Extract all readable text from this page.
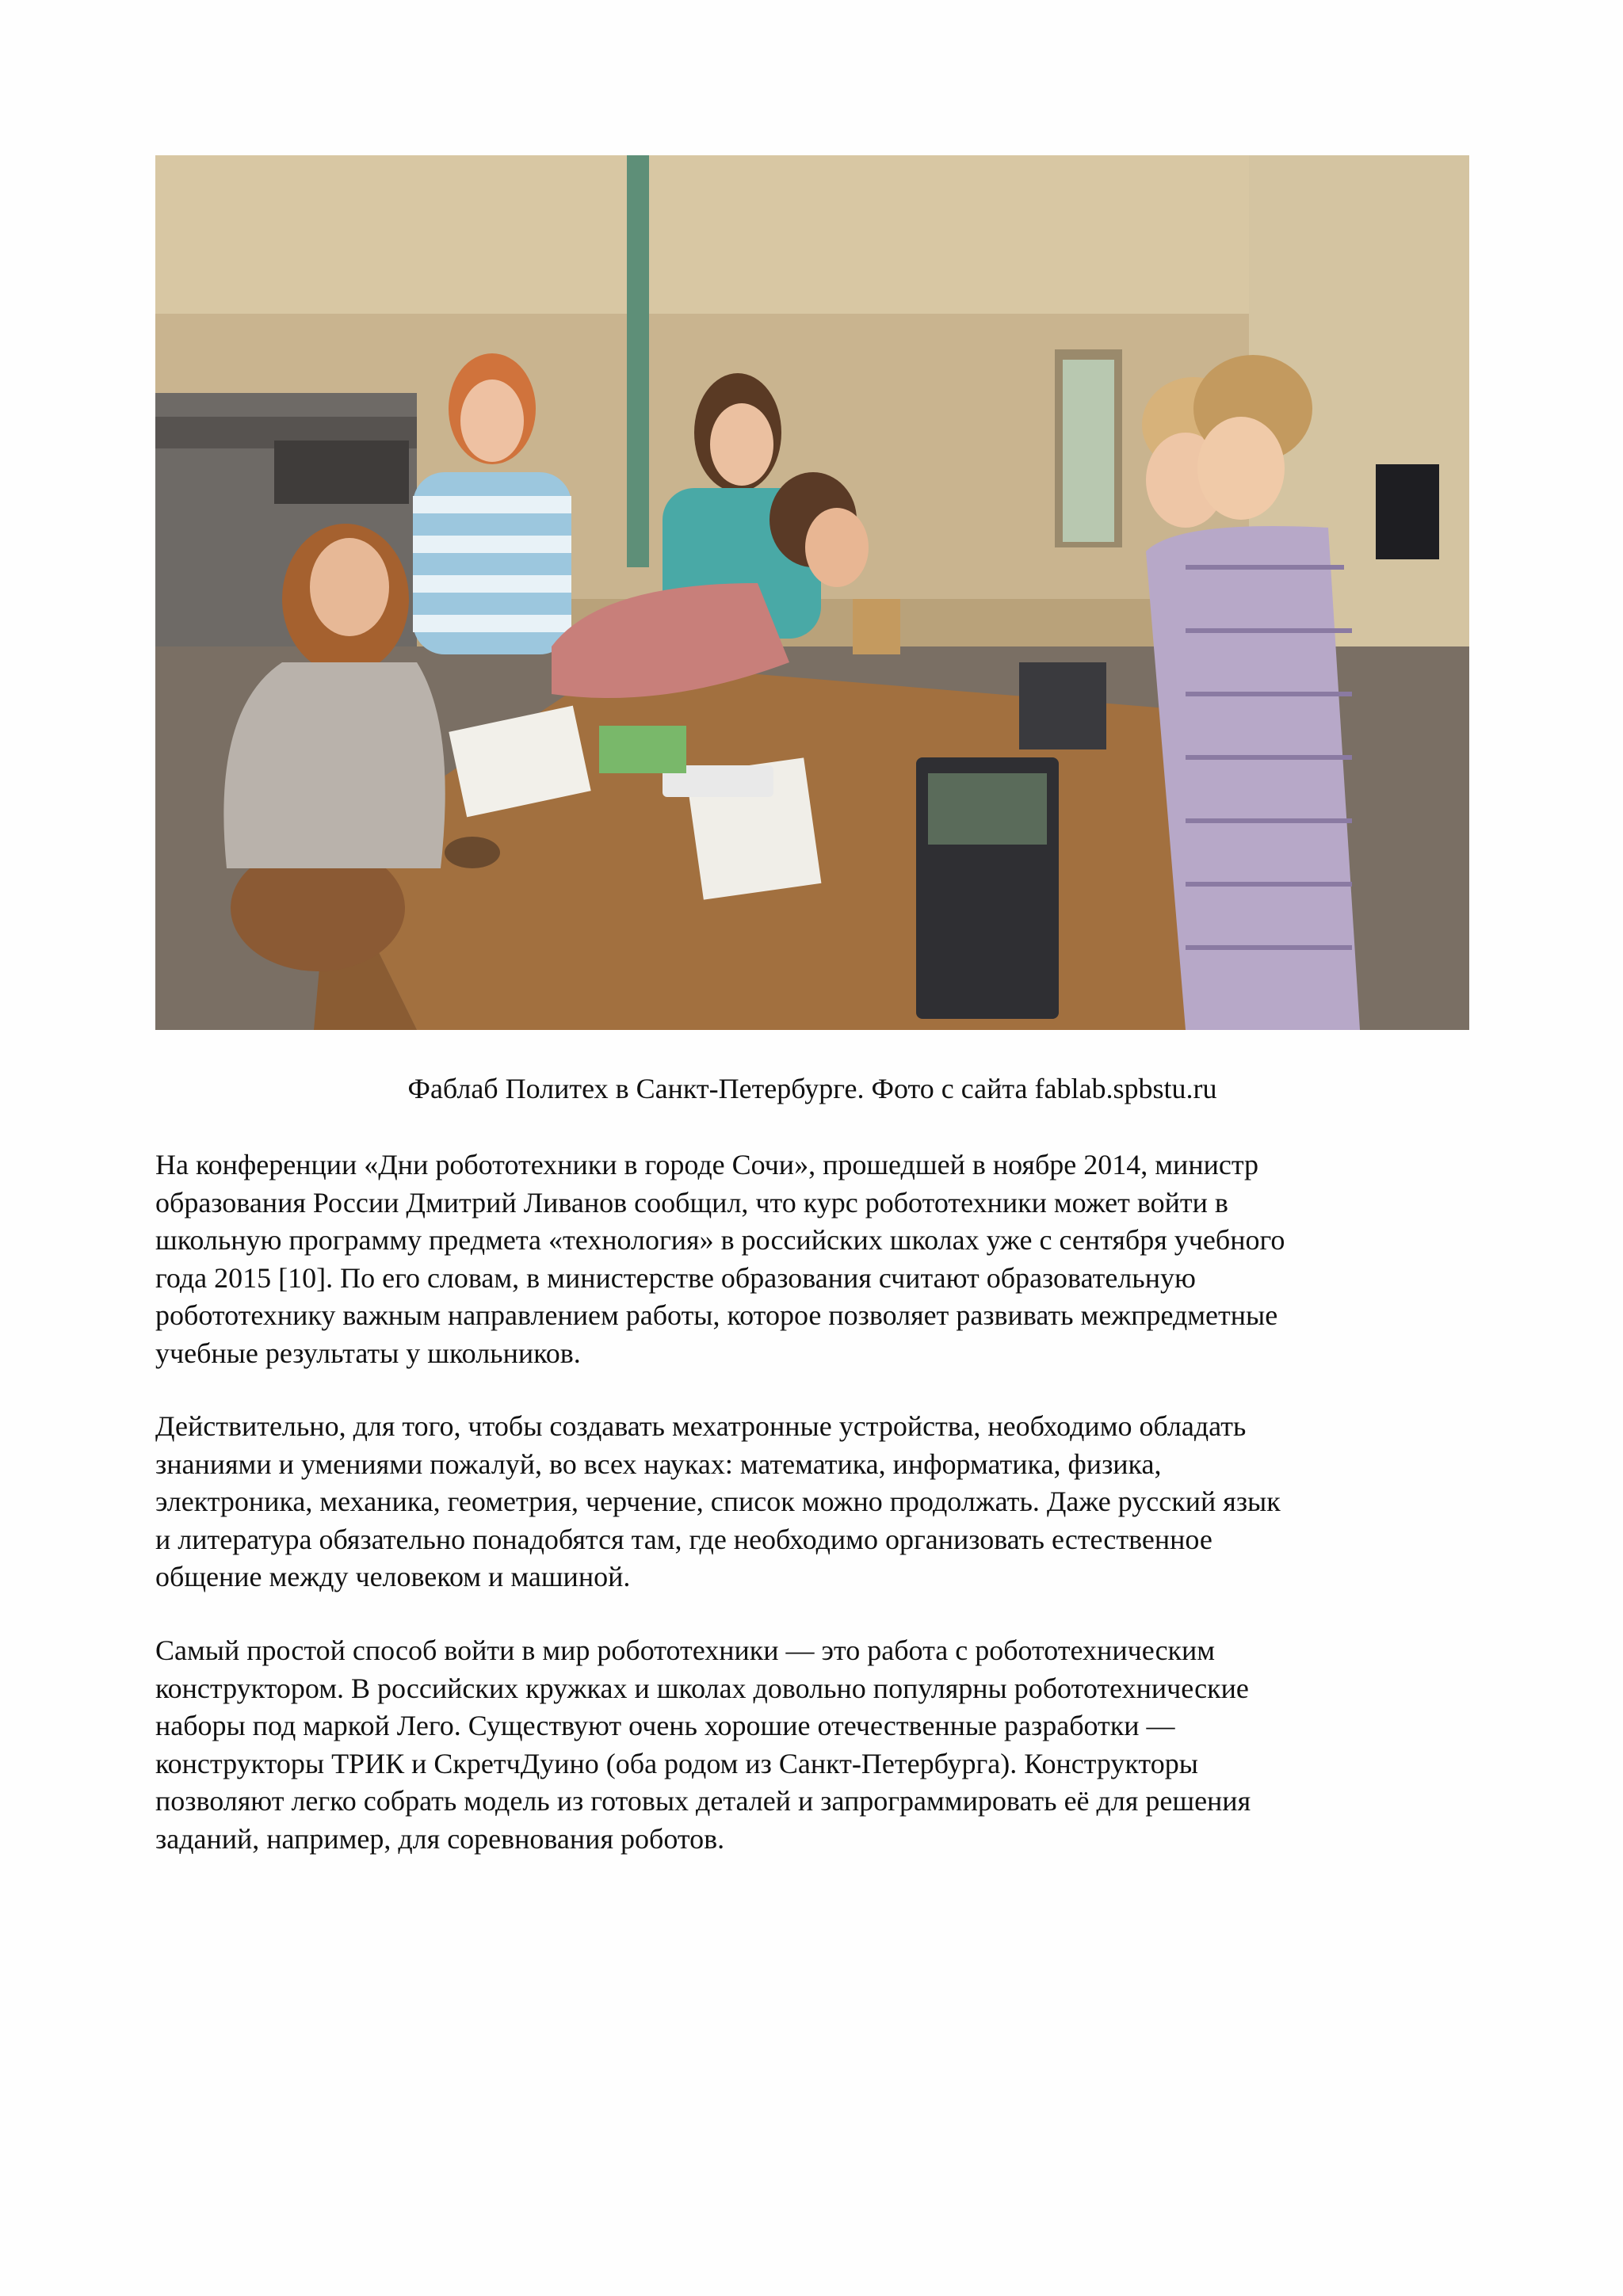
Фаблаб Политех в Санкт-Петербурге. Фото с сайта fablab.spbstu.ru

На конференции «Дни робототехники в городе Сочи», прошедшей в ноябре 2014, министр
образования России Дмитрий Ливанов сообщил, что курс робототехники может войти в
школьную программу предмета «технология» в российских школах уже с сентября учебного
года 2015 [10]. По его словам, в министерстве образования считают образовательную
робототехнику важным направлением работы, которое позволяет развивать межпредметные
учебные результаты у школьников.
Действительно, для того, чтобы создавать мехатронные устройства, необходимо обладать
знаниями и умениями пожалуй, во всех науках: математика, информатика, физика,
электроника, механика, геометрия, черчение, список можно продолжать. Даже русский язык
и литература обязательно понадобятся там, где необходимо организовать естественное
общение между человеком и машиной.
Самый простой способ войти в мир робототехники — это работа с робототехническим
конструктором. В российских кружках и школах довольно популярны робототехнические
наборы под маркой Лего. Существуют очень хорошие отечественные разработки —
конструкторы ТРИК и СкретчДуино (оба родом из Санкт-Петербурга). Конструкторы
позволяют легко собрать модель из готовых деталей и запрограммировать её для решения
заданий, например, для соревнования роботов.
